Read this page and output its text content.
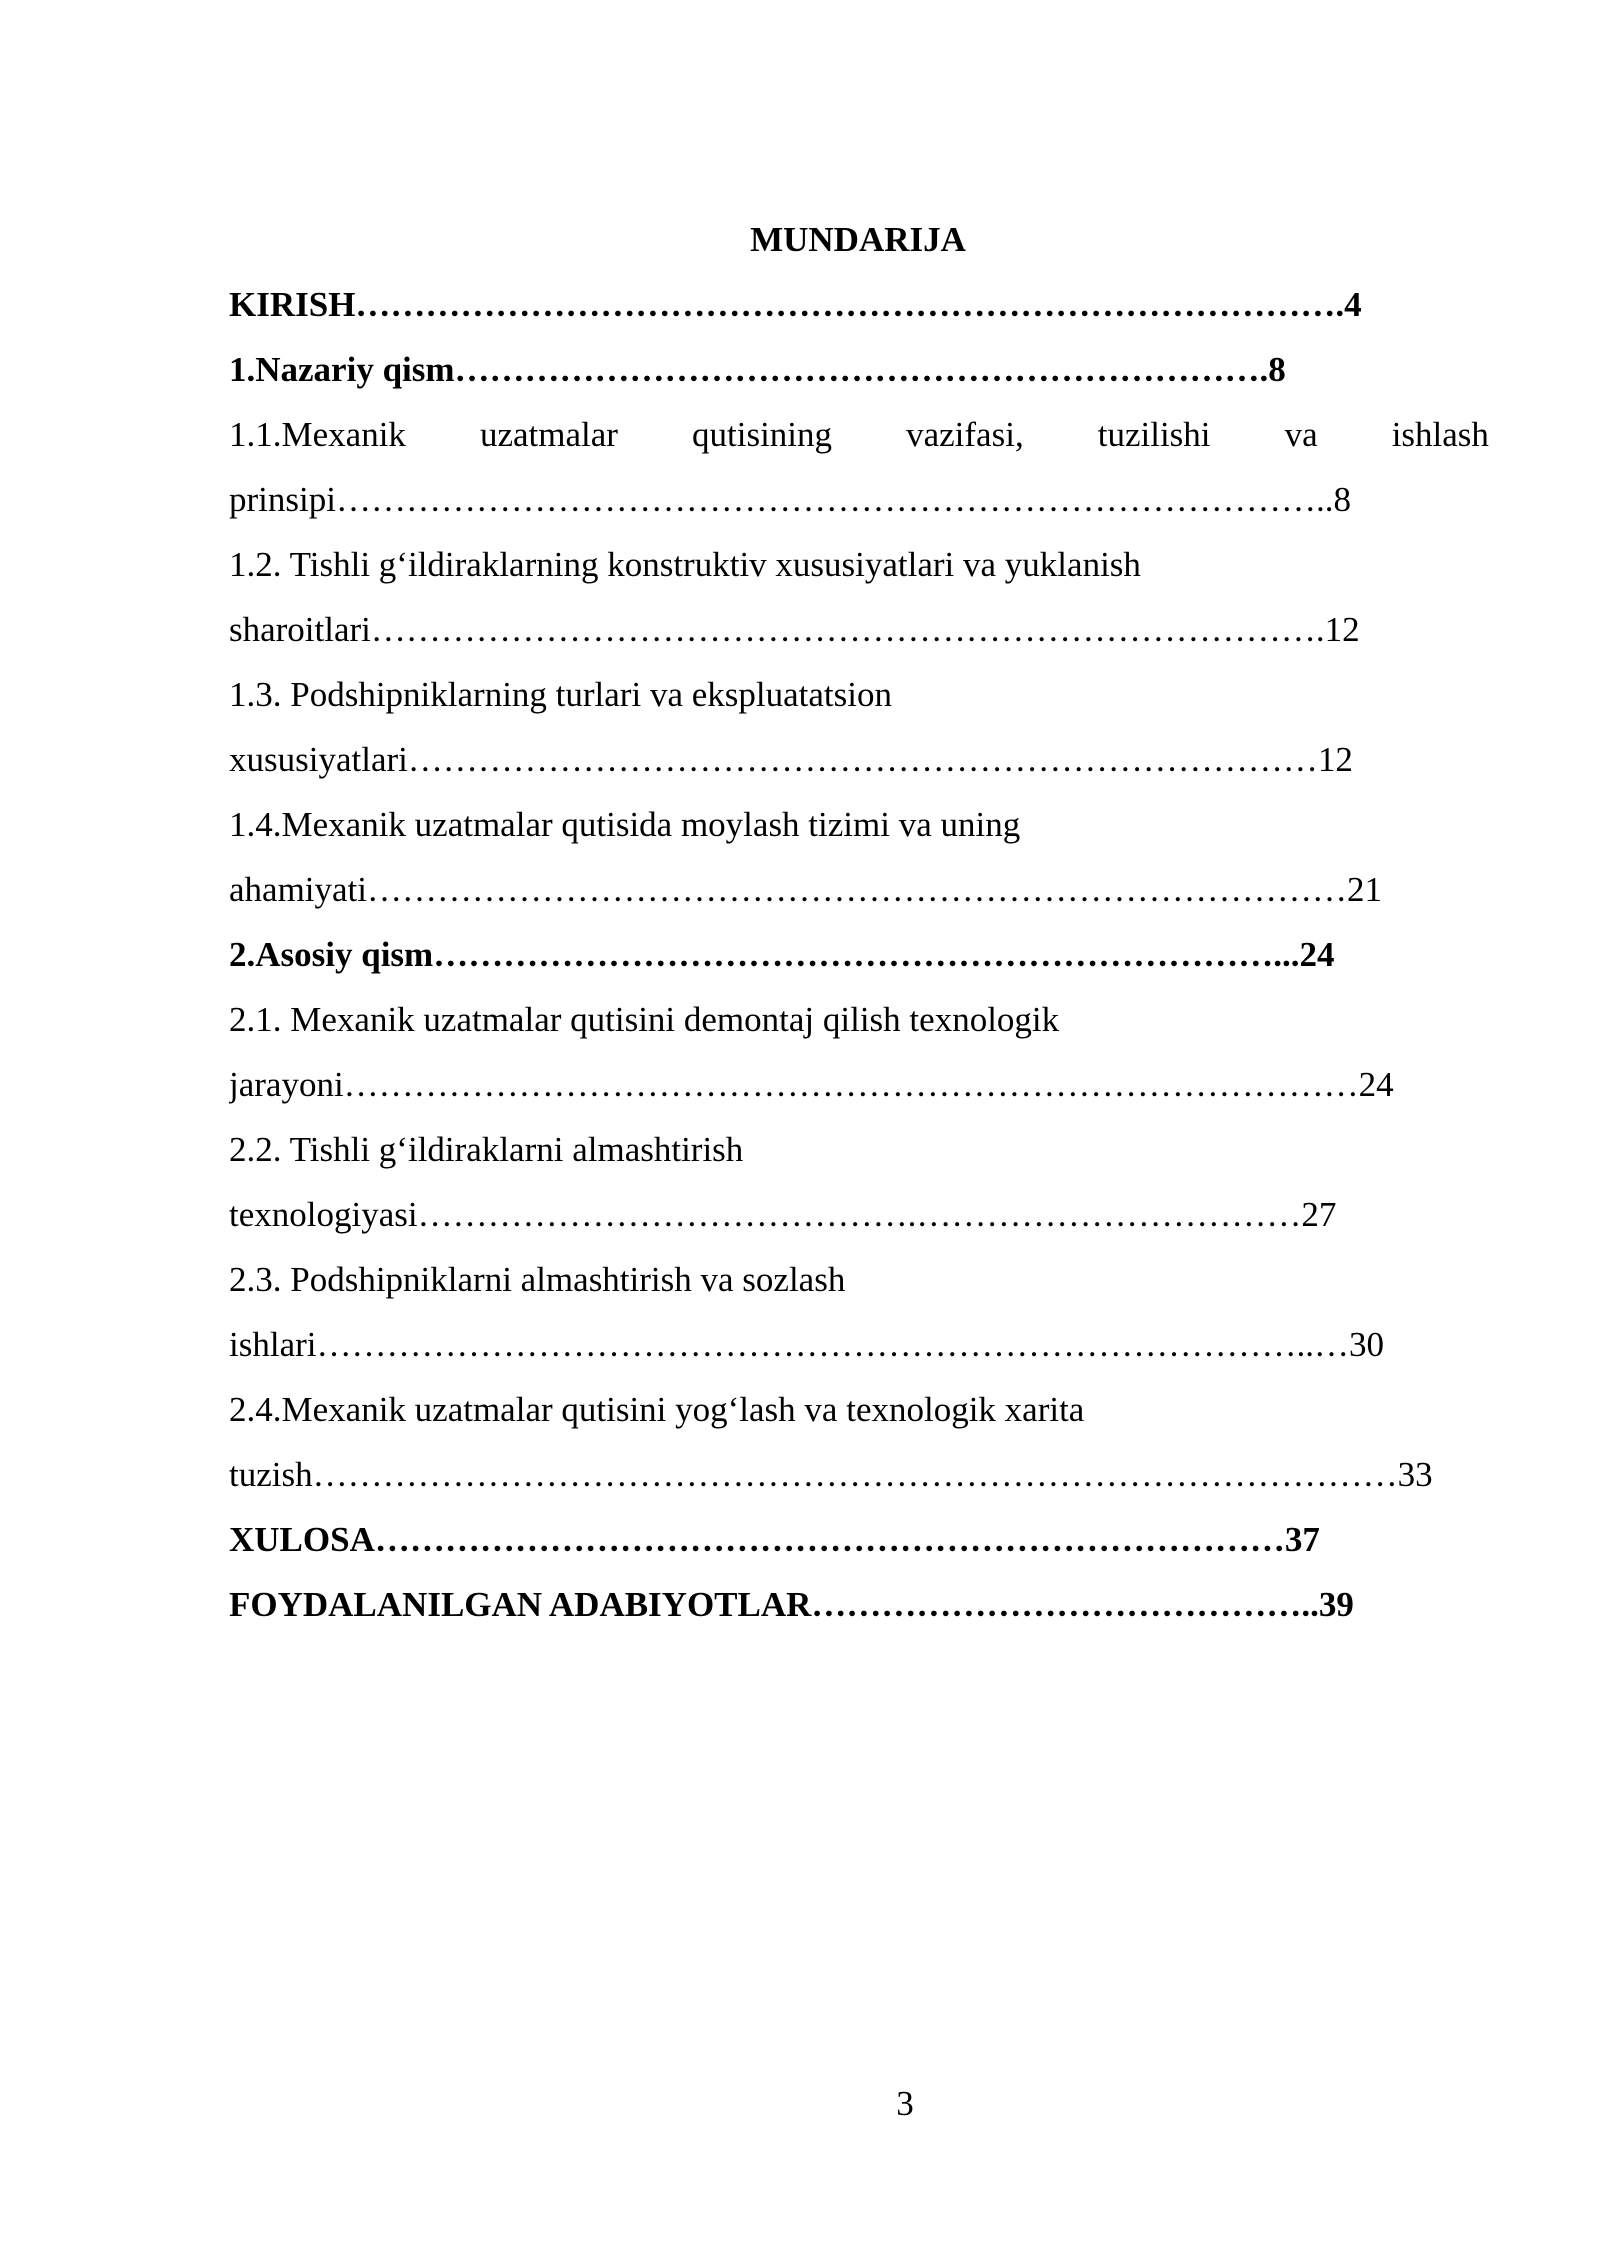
MUNDARIJA
KIRISH………………………………………………………………………….4
1.Nazariy qism…………………………………………………………….8
1.1.Mexanik uzatmalar qutisining vazifasi, tuzilishi va ishlash
prinsipi…………………………………………………………………………..8
1.2. Tishli g‘ildiraklarning konstruktiv xususiyatlari va yuklanish
sharoitlari……………………………………………………………………….12
1.3. Podshipniklarning turlari va ekspluatatsion
xususiyatlari……………………………………………………………………12
1.4.Mexanik uzatmalar qutisida moylash tizimi va uning
ahamiyati…………………………………………………………………………21
2.Asosiy qism………………………………………………………………...24
2.1. Mexanik uzatmalar qutisini demontaj qilish texnologik
jarayoni……………………………………………………………………………24
2.2. Tishli g‘ildiraklarni almashtirish
texnologiyasi…………………………………….……………………………27
2.3. Podshipniklarni almashtirish va sozlash
ishlari…………………………………………………………………………..…30
2.4.Mexanik uzatmalar qutisini yog‘lash va texnologik xarita
tuzish…………………………………………………………………………………33
XULOSA……………………………………………………………………37
FOYDALANILGAN ADABIYOTLAR……………………………………..39
3
